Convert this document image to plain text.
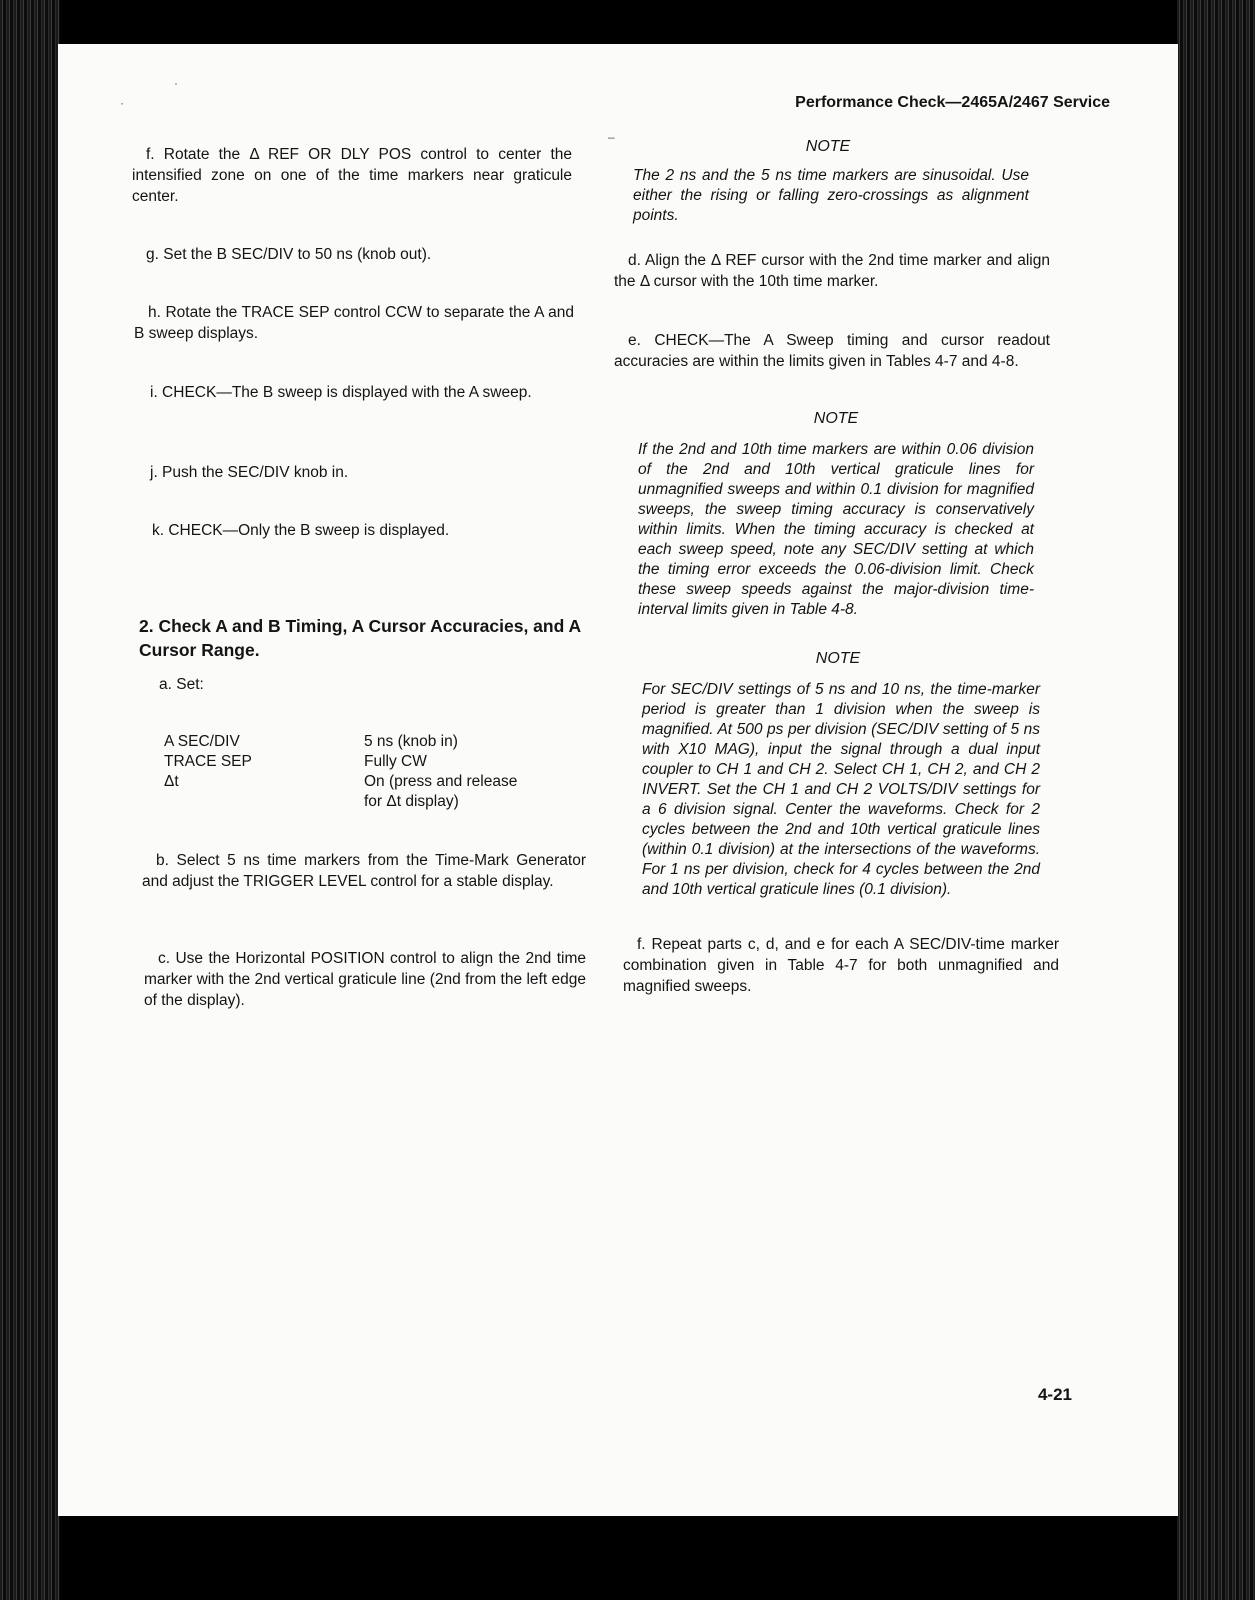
Performance Check—2465A/2467 Service

f. Rotate the Δ REF OR DLY POS control to center the intensified zone on one of the time markers near graticule center.

g. Set the B SEC/DIV to 50 ns (knob out).

h. Rotate the TRACE SEP control CCW to separate the A and B sweep displays.

i. CHECK—The B sweep is displayed with the A sweep.

j. Push the SEC/DIV knob in.

k. CHECK—Only the B sweep is displayed.

2. Check A and B Timing, A Cursor Accuracies, and A Cursor Range.

a. Set:

A SEC/DIV	5 ns (knob in)
TRACE SEP	Fully CW
Δt	On (press and release
for Δt display)

b. Select 5 ns time markers from the Time-Mark Generator and adjust the TRIGGER LEVEL control for a stable display.

c. Use the Horizontal POSITION control to align the 2nd time marker with the 2nd vertical graticule line (2nd from the left edge of the display).

NOTE

The 2 ns and the 5 ns time markers are sinusoidal. Use either the rising or falling zero-crossings as alignment points.

d. Align the Δ REF cursor with the 2nd time marker and align the Δ cursor with the 10th time marker.

e. CHECK—The A Sweep timing and cursor readout accuracies are within the limits given in Tables 4-7 and 4-8.

NOTE

If the 2nd and 10th time markers are within 0.06 division of the 2nd and 10th vertical graticule lines for unmagnified sweeps and within 0.1 division for magnified sweeps, the sweep timing accuracy is conservatively within limits. When the timing accuracy is checked at each sweep speed, note any SEC/DIV setting at which the timing error exceeds the 0.06-division limit. Check these sweep speeds against the major-division time-interval limits given in Table 4-8.

NOTE

For SEC/DIV settings of 5 ns and 10 ns, the time-marker period is greater than 1 division when the sweep is magnified. At 500 ps per division (SEC/DIV setting of 5 ns with X10 MAG), input the signal through a dual input coupler to CH 1 and CH 2. Select CH 1, CH 2, and CH 2 INVERT. Set the CH 1 and CH 2 VOLTS/DIV settings for a 6 division signal. Center the waveforms. Check for 2 cycles between the 2nd and 10th vertical graticule lines (within 0.1 division) at the intersections of the waveforms. For 1 ns per division, check for 4 cycles between the 2nd and 10th vertical graticule lines (0.1 division).

f. Repeat parts c, d, and e for each A SEC/DIV-time marker combination given in Table 4-7 for both unmagnified and magnified sweeps.

4-21

·
·
–
